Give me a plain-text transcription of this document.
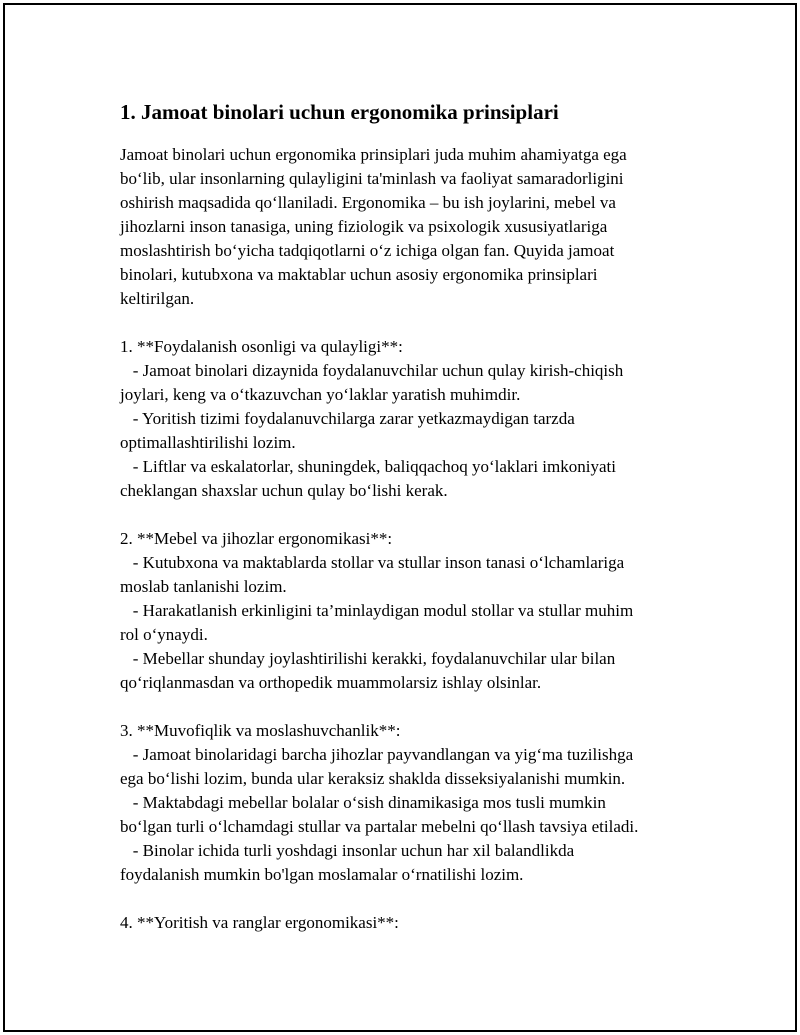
1. Jamoat binolari uchun ergonomika prinsiplari

Jamoat binolari uchun ergonomika prinsiplari juda muhim ahamiyatga ega
bo‘lib, ular insonlarning qulayligini ta'minlash va faoliyat samaradorligini
oshirish maqsadida qo‘llaniladi. Ergonomika – bu ish joylarini, mebel va
jihozlarni inson tanasiga, uning fiziologik va psixologik xususiyatlariga
moslashtirish bo‘yicha tadqiqotlarni o‘z ichiga olgan fan. Quyida jamoat
binolari, kutubxona va maktablar uchun asosiy ergonomika prinsiplari
keltirilgan.

1. **Foydalanish osonligi va qulayligi**:
- Jamoat binolari dizaynida foydalanuvchilar uchun qulay kirish-chiqish
joylari, keng va o‘tkazuvchan yo‘laklar yaratish muhimdir.
- Yoritish tizimi foydalanuvchilarga zarar yetkazmaydigan tarzda
optimallashtirilishi lozim.
- Liftlar va eskalatorlar, shuningdek, baliqqachoq yo‘laklari imkoniyati
cheklangan shaxslar uchun qulay bo‘lishi kerak.

2. **Mebel va jihozlar ergonomikasi**:
- Kutubxona va maktablarda stollar va stullar inson tanasi o‘lchamlariga
moslab tanlanishi lozim.
- Harakatlanish erkinligini ta’minlaydigan modul stollar va stullar muhim
rol o‘ynaydi.
- Mebellar shunday joylashtirilishi kerakki, foydalanuvchilar ular bilan
qo‘riqlanmasdan va orthopedik muammolarsiz ishlay olsinlar.

3. **Muvofiqlik va moslashuvchanlik**:
- Jamoat binolaridagi barcha jihozlar payvandlangan va yig‘ma tuzilishga
ega bo‘lishi lozim, bunda ular keraksiz shaklda disseksiyalanishi mumkin.
- Maktabdagi mebellar bolalar o‘sish dinamikasiga mos tusli mumkin
bo‘lgan turli o‘lchamdagi stullar va partalar mebelni qo‘llash tavsiya etiladi.
- Binolar ichida turli yoshdagi insonlar uchun har xil balandlikda
foydalanish mumkin bo'lgan moslamalar o‘rnatilishi lozim.

4. **Yoritish va ranglar ergonomikasi**:
